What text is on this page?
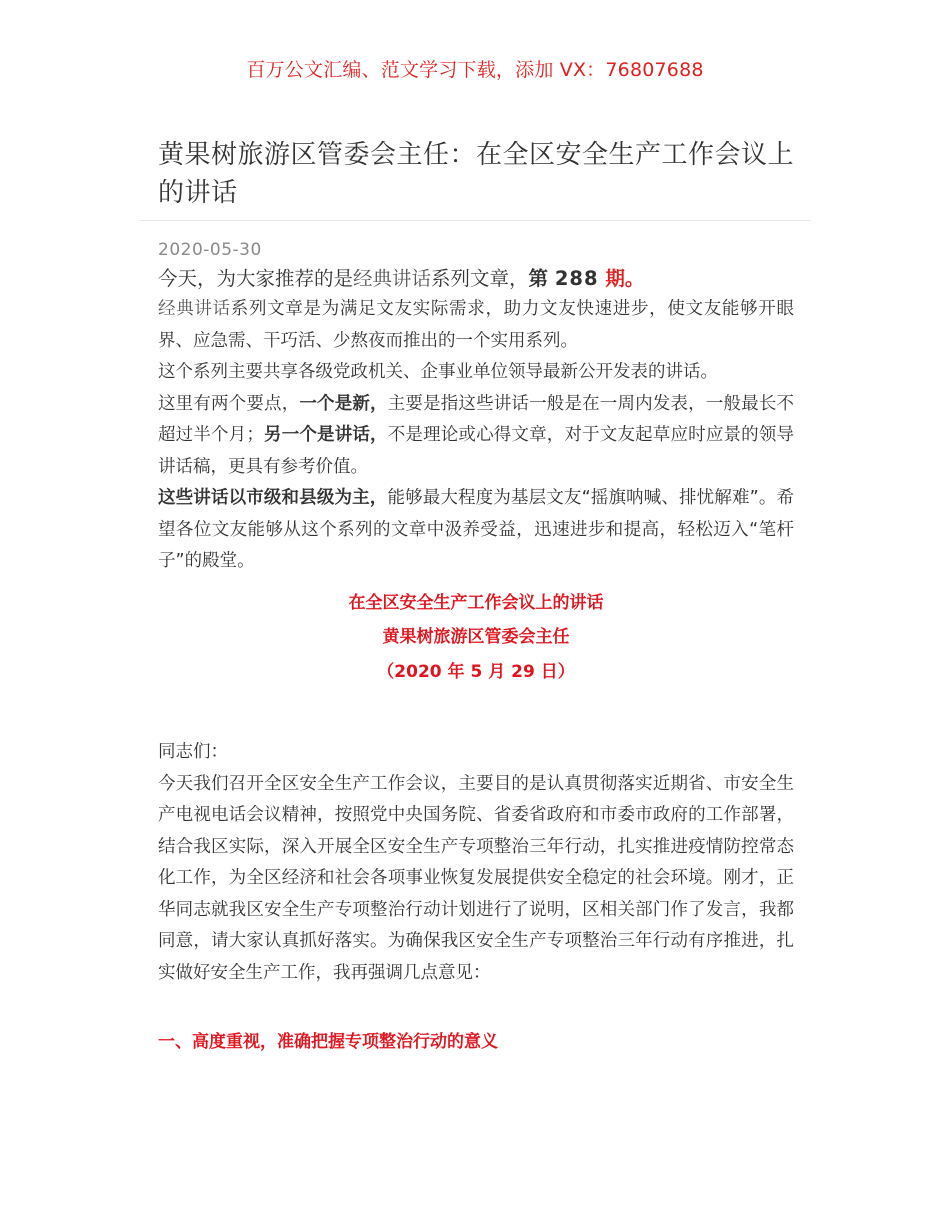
百万公文汇编、范文学习下载，添加 VX：76807688
黄果树旅游区管委会主任：在全区安全生产工作会议上的讲话
2020-05-30

今天，为大家推荐的是经典讲话系列文章，第 288 期。

经典讲话系列文章是为满足文友实际需求，助力文友快速进步，使文友能够开眼界、应急需、干巧活、少熬夜而推出的一个实用系列。

这个系列主要共享各级党政机关、企事业单位领导最新公开发表的讲话。

这里有两个要点，一个是新，主要是指这些讲话一般是在一周内发表，一般最长不超过半个月；另一个是讲话，不是理论或心得文章，对于文友起草应时应景的领导讲话稿，更具有参考价值。

这些讲话以市级和县级为主，能够最大程度为基层文友“摇旗呐喊、排忧解难”。希望各位文友能够从这个系列的文章中汲养受益，迅速进步和提高，轻松迈入“笔杆子”的殿堂。

在全区安全生产工作会议上的讲话
黄果树旅游区管委会主任
（2020 年 5 月 29 日）

同志们：

今天我们召开全区安全生产工作会议，主要目的是认真贯彻落实近期省、市安全生产电视电话会议精神，按照党中央国务院、省委省政府和市委市政府的工作部署，结合我区实际，深入开展全区安全生产专项整治三年行动，扎实推进疫情防控常态化工作，为全区经济和社会各项事业恢复发展提供安全稳定的社会环境。刚才，正华同志就我区安全生产专项整治行动计划进行了说明，区相关部门作了发言，我都同意，请大家认真抓好落实。为确保我区安全生产专项整治三年行动有序推进，扎实做好安全生产工作，我再强调几点意见：

一、高度重视，准确把握专项整治行动的意义
